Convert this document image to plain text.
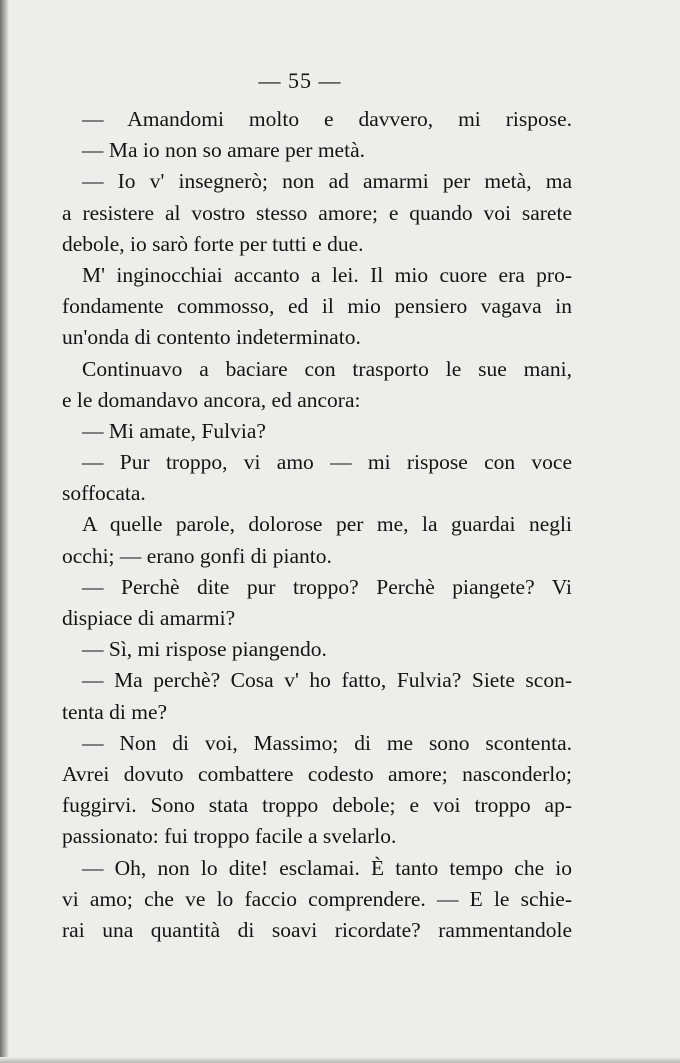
— 55 —
— Amandomi molto e davvero, mi rispose.
— Ma io non so amare per metà.
— Io v' insegnerò; non ad amarmi per metà, ma
a resistere al vostro stesso amore; e quando voi sarete
debole, io sarò forte per tutti e due.
M' inginocchiai accanto a lei. Il mio cuore era pro-
fondamente commosso, ed il mio pensiero vagava in
un'onda di contento indeterminato.
Continuavo a baciare con trasporto le sue mani,
e le domandavo ancora, ed ancora:
— Mi amate, Fulvia?
— Pur troppo, vi amo — mi rispose con voce
soffocata.
A quelle parole, dolorose per me, la guardai negli
occhi; — erano gonfi di pianto.
— Perchè dite pur troppo? Perchè piangete? Vi
dispiace di amarmi?
— Sì, mi rispose piangendo.
— Ma perchè? Cosa v' ho fatto, Fulvia? Siete scon-
tenta di me?
— Non di voi, Massimo; di me sono scontenta.
Avrei dovuto combattere codesto amore; nasconderlo;
fuggirvi. Sono stata troppo debole; e voi troppo ap-
passionato: fui troppo facile a svelarlo.
— Oh, non lo dite! esclamai. È tanto tempo che io
vi amo; che ve lo faccio comprendere. — E le schie-
rai una quantità di soavi ricordate? rammentandole
